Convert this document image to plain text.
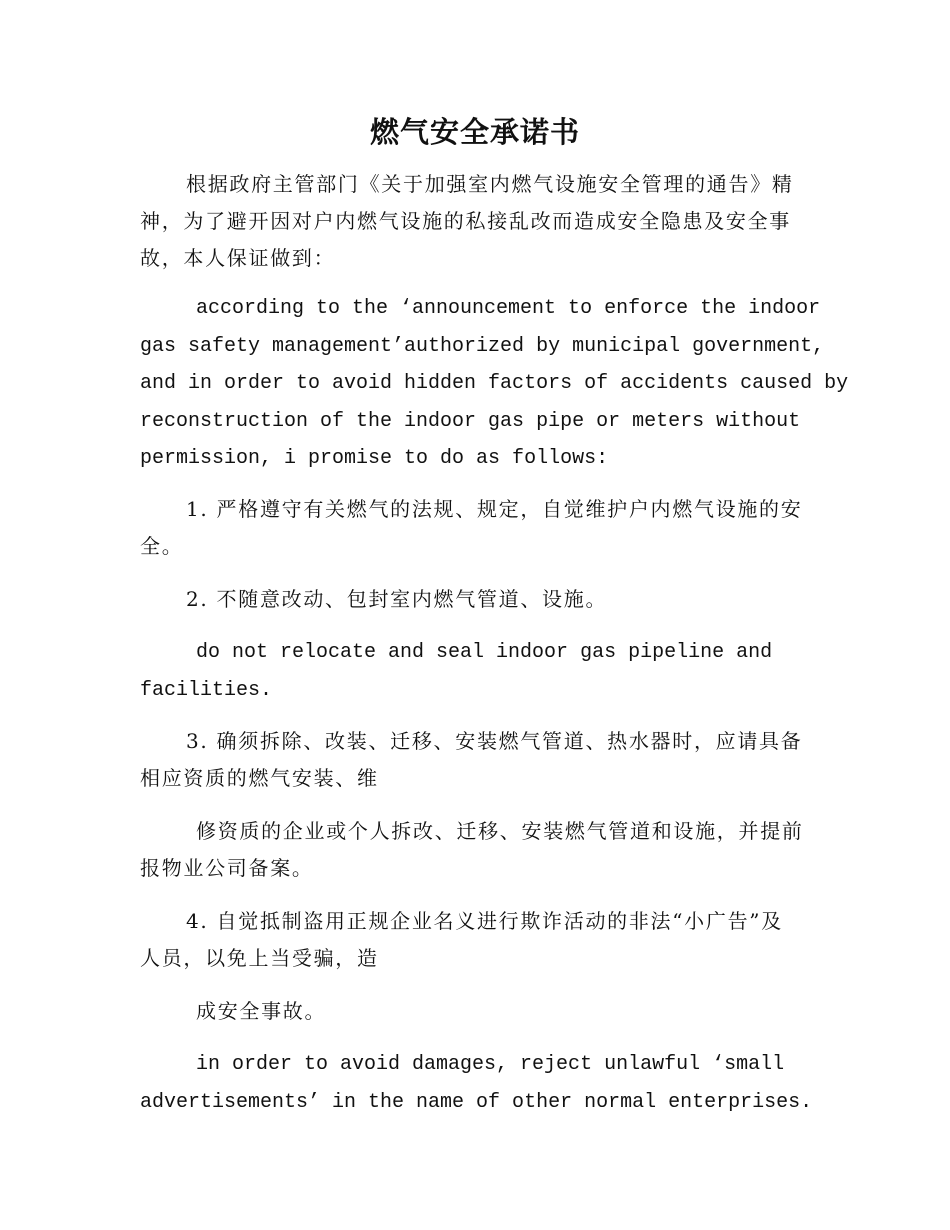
燃气安全承诺书

根据政府主管部门《关于加强室内燃气设施安全管理的通告》精
神，为了避开因对户内燃气设施的私接乱改而造成安全隐患及安全事
故，本人保证做到：

according to the ‘announcement to enforce the indoor
gas safety management’authorized by municipal government,
and in order to avoid hidden factors of accidents caused by
reconstruction of the indoor gas pipe or meters without
permission, i promise to do as follows:

1. 严格遵守有关燃气的法规、规定，自觉维护户内燃气设施的安
全。

2. 不随意改动、包封室内燃气管道、设施。

do not relocate and seal indoor gas pipeline and
facilities.

3. 确须拆除、改装、迁移、安装燃气管道、热水器时，应请具备
相应资质的燃气安装、维

修资质的企业或个人拆改、迁移、安装燃气管道和设施，并提前
报物业公司备案。

4. 自觉抵制盗用正规企业名义进行欺诈活动的非法“小广告”及
人员，以免上当受骗，造

成安全事故。

in order to avoid damages, reject unlawful ‘small
advertisements’ in the name of other normal enterprises.
